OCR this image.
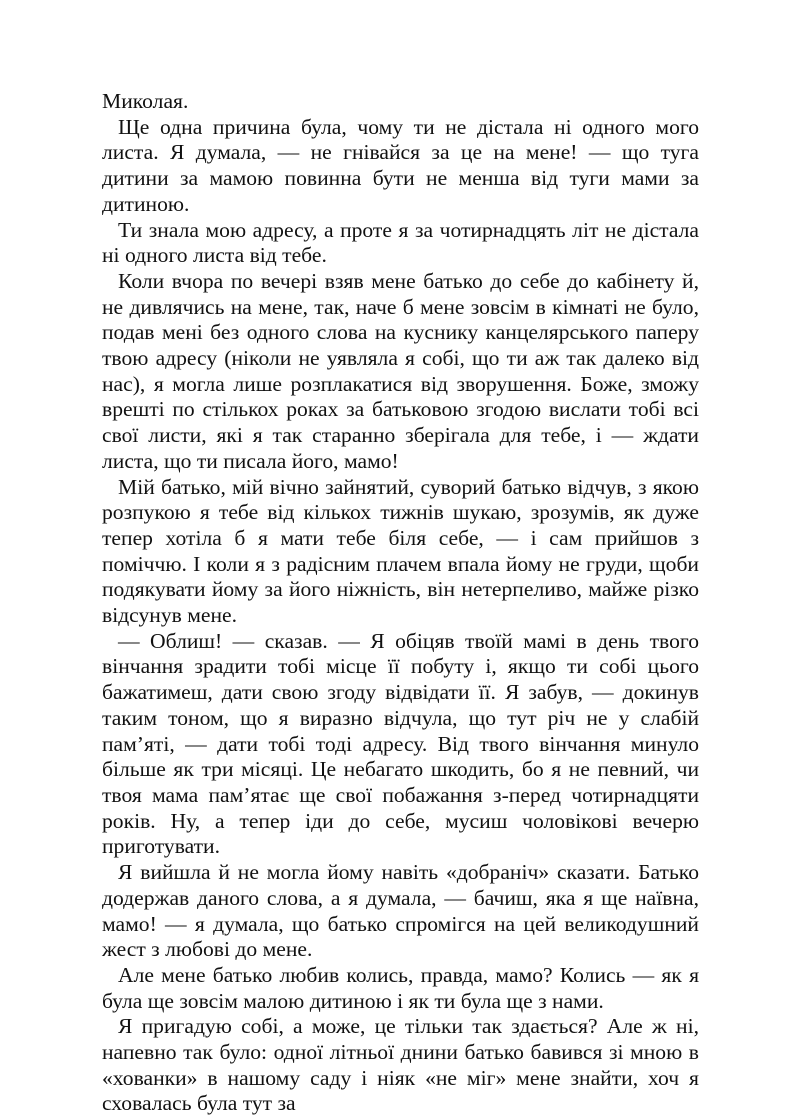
Миколая.

Ще одна причина була, чому ти не дістала ні одного мого листа. Я думала, — не гнівайся за це на мене! — що туга дитини за мамою повинна бути не менша від туги мами за дитиною.

Ти знала мою адресу, а проте я за чотирнадцять літ не дістала ні одного листа від тебе.

Коли вчора по вечері взяв мене батько до себе до кабінету й, не дивлячись на мене, так, наче б мене зовсім в кімнаті не було, подав мені без одного слова на куснику канцелярського паперу твою адресу (ніколи не уявляла я собі, що ти аж так далеко від нас), я могла лише розплакатися від зворушення. Боже, зможу врешті по стількох роках за батьковою згодою вислати тобі всі свої листи, які я так старанно зберігала для тебе, і — ждати листа, що ти писала його, мамо!

Мій батько, мій вічно зайнятий, суворий батько відчув, з якою розпукою я тебе від кількох тижнів шукаю, зрозумів, як дуже тепер хотіла б я мати тебе біля себе, — і сам прийшов з поміччю. І коли я з радісним плачем впала йому не груди, щоби подякувати йому за його ніжність, він нетерпеливо, майже різко відсунув мене.

— Облиш! — сказав. — Я обіцяв твоїй мамі в день твого вінчання зрадити тобі місце її побуту і, якщо ти собі цього бажатимеш, дати свою згоду відвідати її. Я забув, — докинув таким тоном, що я виразно відчула, що тут річ не у слабій пам’яті, — дати тобі тоді адресу. Від твого вінчання минуло більше як три місяці. Це небагато шкодить, бо я не певний, чи твоя мама пам’ятає ще свої побажання з-перед чотирнадцяти років. Ну, а тепер іди до себе, мусиш чоловікові вечерю приготувати.

Я вийшла й не могла йому навіть «добраніч» сказати. Батько додержав даного слова, а я думала, — бачиш, яка я ще наївна, мамо! — я думала, що батько спромігся на цей великодушний жест з любові до мене.

Але мене батько любив колись, правда, мамо? Колись — як я була ще зовсім малою дитиною і як ти була ще з нами.

Я пригадую собі, а може, це тільки так здається? Але ж ні, напевно так було: одної літньої днини батько бавився зі мною в «хованки» в нашому саду і ніяк «не міг» мене знайти, хоч я сховалась була тут за
